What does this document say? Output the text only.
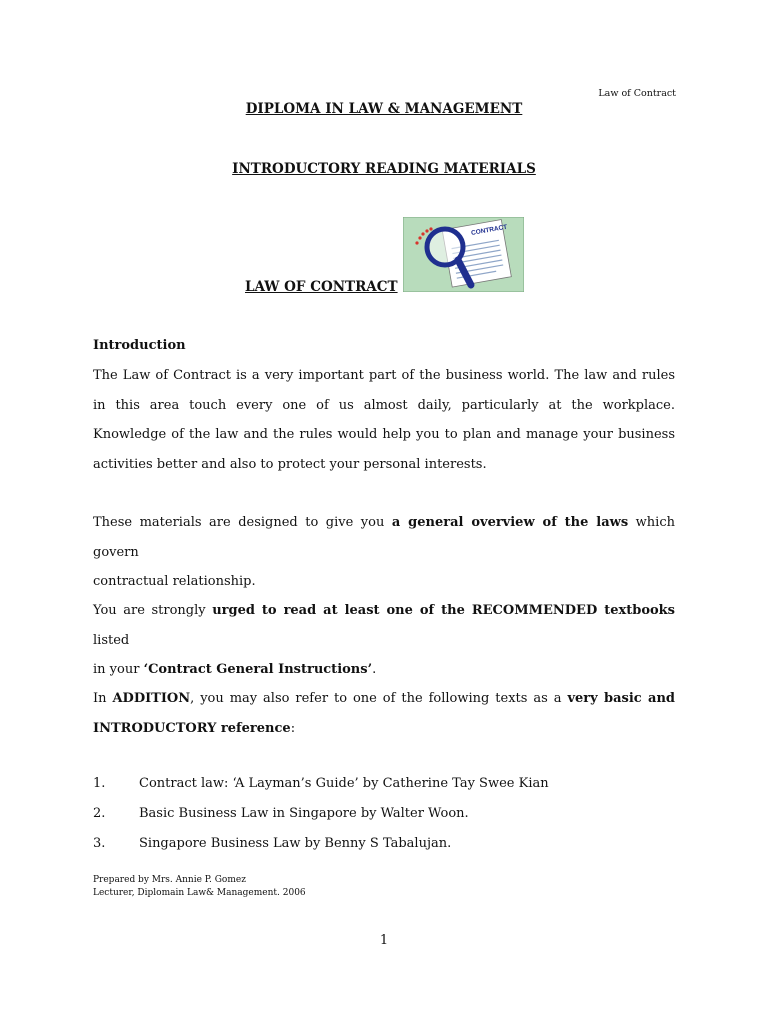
Law of Contract
DIPLOMA IN LAW & MANAGEMENT
INTRODUCTORY READING MATERIALS
LAW OF CONTRACT
CONTRACT
Introduction
The Law of Contract is a very important part of the business world. The law and rules
in this area touch every one of us almost daily, particularly at the workplace.
Knowledge of the law and the rules would help you to plan and manage your business
activities better and also to protect your personal interests.
These materials are designed to give you a general overview of the laws which govern
contractual relationship.
You are strongly urged to read at least one of the RECOMMENDED textbooks listed
in your ‘Contract General Instructions’.
In ADDITION, you may also refer to one of the following texts as a very basic and
INTRODUCTORY reference:
1.	Contract law: ‘A Layman’s Guide’ by Catherine Tay Swee Kian
2.	Basic Business Law in Singapore by Walter Woon.
3.	Singapore Business Law by Benny S Tabalujan.
Prepared by Mrs. Annie P. Gomez
Lecturer, Diplomain Law& Management. 2006
1
